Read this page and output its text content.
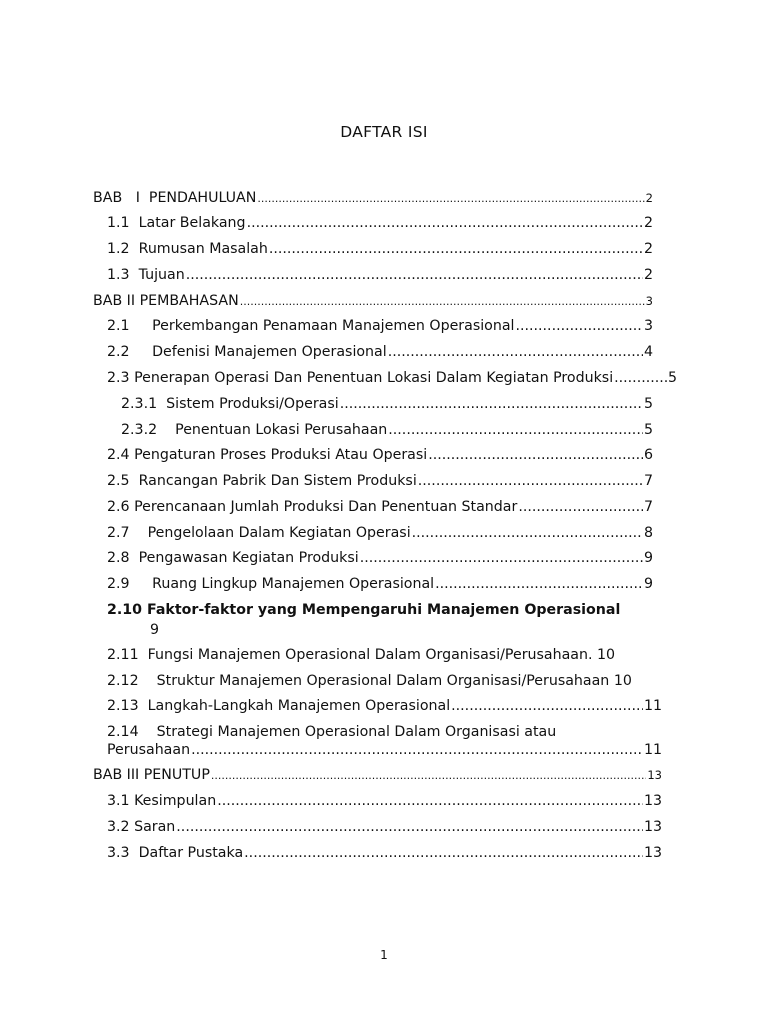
DAFTAR ISI
BAB   I PENDAHULUAN .....	2
1.1 Latar Belakang .....	2
1.2 Rumusan Masalah .....	2
1.3 Tujuan .....	2
BAB II PEMBAHASAN .....	3
2.1 Perkembangan Penamaan Manajemen Operasional .....	3
2.2 Defenisi Manajemen Operasional .....	4
2.3 Penerapan Operasi Dan Penentuan Lokasi Dalam Kegiatan Produksi .....	5
2.3.1 Sistem Produksi/Operasi .....	5
2.3.2 Penentuan Lokasi Perusahaan .....	5
2.4 Pengaturan Proses Produksi Atau Operasi .....	6
2.5 Rancangan Pabrik Dan Sistem Produksi .....	7
2.6 Perencanaan Jumlah Produksi Dan Penentuan Standar .....	7
2.7 Pengelolaan Dalam Kegiatan Operasi .....	8
2.8 Pengawasan Kegiatan Produksi .....	9
2.9 Ruang Lingkup Manajemen Operasional .....	9
2.10 Faktor-faktor yang Mempengaruhi Manajemen Operasional
9
2.11  Fungsi Manajemen Operasional Dalam Organisasi/Perusahaan. 10
2.12    Struktur Manajemen Operasional Dalam Organisasi/Perusahaan 10
2.13 Langkah-Langkah Manajemen Operasional .....	11
2.14    Strategi Manajemen Operasional Dalam Organisasi atau
Perusahaan .....	11
BAB III PENUTUP .....	13
3.1 Kesimpulan .....	13
3.2 Saran .....	13
3.3 Daftar Pustaka .....	13
1
